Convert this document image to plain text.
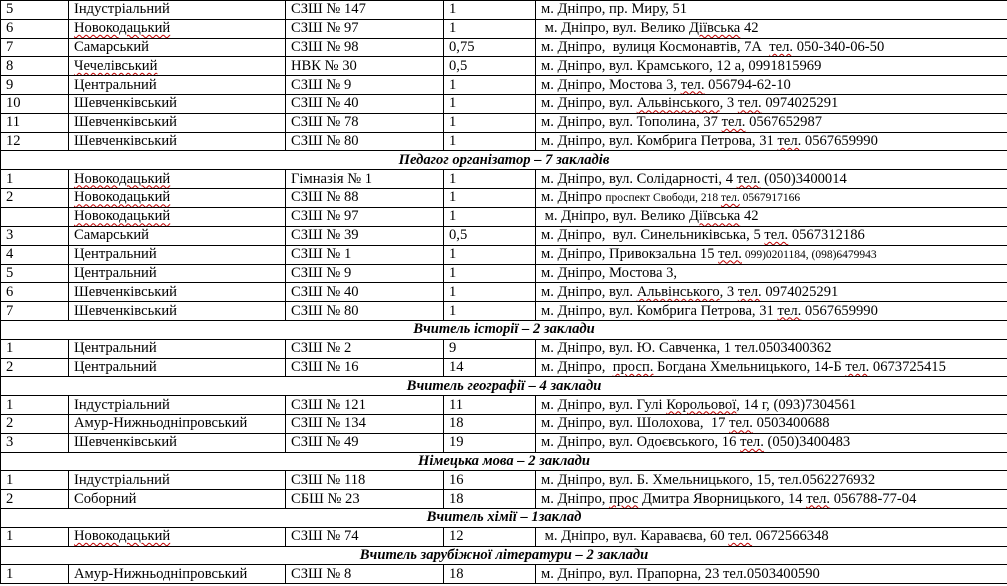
5	Індустріальний	СЗШ № 147	1	м. Дніпро, пр. Миру, 51
6	Новокодацький	СЗШ № 97	1	м. Дніпро, вул. Велико Діївська 42
7	Самарський	СЗШ № 98	0,75	м. Дніпро,  вулиця Космонавтів, 7А  тел. 050-340-06-50
8	Чечелівський	НВК № 30	0,5	м. Дніпро, вул. Крамського, 12 а, 0991815969
9	Центральний	СЗШ № 9	1	м. Дніпро, Мостова 3, тел. 056794-62-10
10	Шевченківський	СЗШ № 40	1	м. Дніпро, вул. Альвінського, 3 тел. 0974025291
11	Шевченківський	СЗШ № 78	1	м. Дніпро, вул. Тополина, 37 тел. 0567652987
12	Шевченківський	СЗШ № 80	1	м. Дніпро, вул. Комбрига Петрова, 31 тел. 0567659990
Педагог організатор – 7 закладів				
1	Новокодацький	Гімназія № 1	1	м. Дніпро, вул. Солідарності, 4 тел. (050)3400014
2	Новокодацький	СЗШ № 88	1	м. Дніпро проспект Свободи, 218 тел. 0567917166
	Новокодацький	СЗШ № 97	1	м. Дніпро, вул. Велико Діївська 42
3	Самарський	СЗШ № 39	0,5	м. Дніпро,  вул. Синельниківська, 5 тел. 0567312186
4	Центральний	СЗШ № 1	1	м. Дніпро, Привокзальна 15 тел. 099)0201184, (098)6479943
5	Центральний	СЗШ № 9	1	м. Дніпро, Мостова 3,
6	Шевченківський	СЗШ № 40	1	м. Дніпро, вул. Альвінського, 3 тел. 0974025291
7	Шевченківський	СЗШ № 80	1	м. Дніпро, вул. Комбрига Петрова, 31 тел. 0567659990
Вчитель історії – 2 заклади				
1	Центральний	СЗШ № 2	9	м. Дніпро, вул. Ю. Савченка, 1 тел.0503400362
2	Центральний	СЗШ № 16	14	м. Дніпро,  просп. Богдана Хмельницького, 14-Б тел. 0673725415
Вчитель географії – 4 заклади				
1	Індустріальний	СЗШ № 121	11	м. Дніпро, вул. Гулі Корольової, 14 г, (093)7304561
2	Амур-Нижньодніпровський	СЗШ № 134	18	м. Дніпро, вул. Шолохова,  17 тел. 0503400688
3	Шевченківський	СЗШ № 49	19	м. Дніпро, вул. Одоєвського, 16 тел. (050)3400483
Німецька мова – 2 заклади				
1	Індустріальний	СЗШ № 118	16	м. Дніпро, вул. Б. Хмельницького, 15, тел.0562276932
2	Соборний	СБШ № 23	18	м. Дніпро, прос Дмитра Яворницького, 14 тел. 056788-77-04
Вчитель хімії – 1заклад				
1	Новокодацький	СЗШ № 74	12	м. Дніпро, вул. Караваєва, 60 тел. 0672566348
Вчитель зарубіжної літератури – 2 заклади				
1	Амур-Нижньодніпровський	СЗШ № 8	18	м. Дніпро, вул. Прапорна, 23 тел.0503400590
